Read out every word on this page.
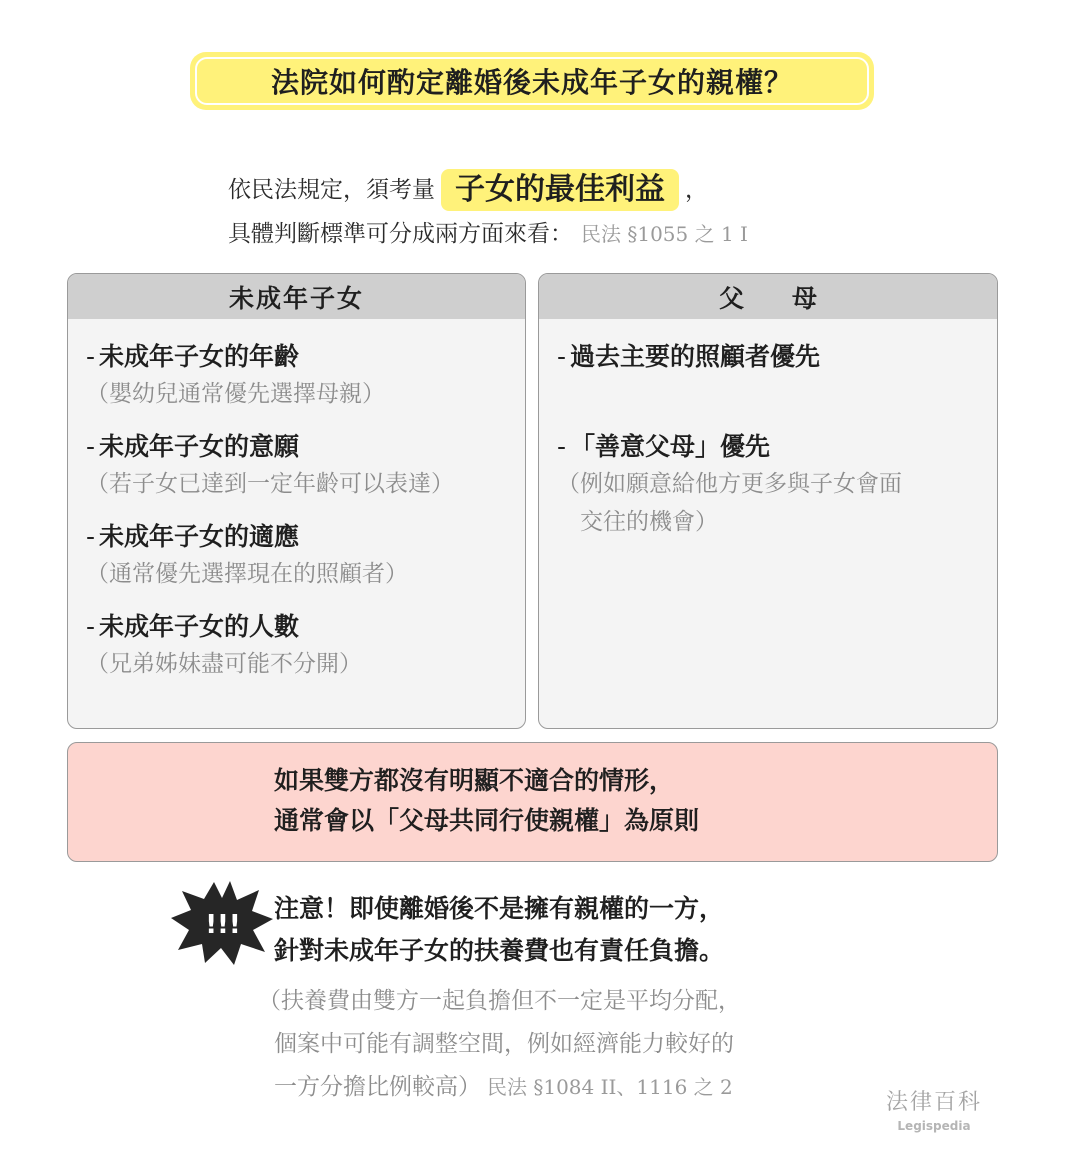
法院如何酌定離婚後未成年子女的親權？
依民法規定，須考量 子女的最佳利益 ，
具體判斷標準可分成兩方面來看： 民法 §1055 之 1 I
未成年子女
- 未成年子女的年齡
（嬰幼兒通常優先選擇母親）
- 未成年子女的意願
（若子女已達到一定年齡可以表達）
- 未成年子女的適應
（通常優先選擇現在的照顧者）
- 未成年子女的人數
（兄弟姊妹盡可能不分開）
父母
- 過去主要的照顧者優先
- 「善意父母」優先
（例如願意給他方更多與子女會面
　交往的機會）
如果雙方都沒有明顯不適合的情形，
通常會以「父母共同行使親權」為原則
!!!
注意！即使離婚後不是擁有親權的一方，
針對未成年子女的扶養費也有責任負擔。
（扶養費由雙方一起負擔但不一定是平均分配，
個案中可能有調整空間，例如經濟能力較好的
一方分擔比例較高） 民法 §1084 II、1116 之 2
法律百科
Legispedia
